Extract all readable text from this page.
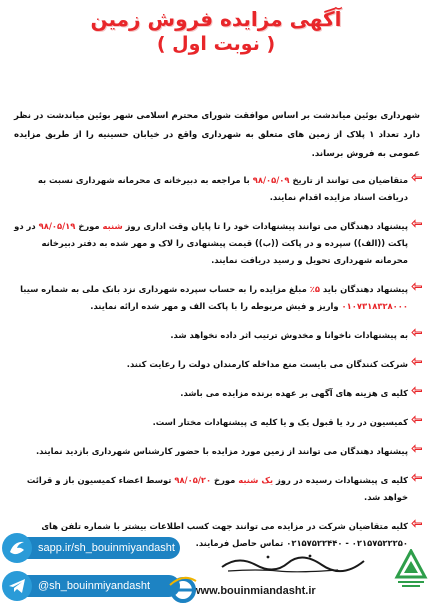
آگهی مزایده فروش زمین
( نوبت اول )

شهرداری بوئین میاندشت بر اساس موافقت شورای محترم اسلامی شهر بوئین میاندشت در نظر دارد تعداد ۱ پلاک از زمین های متعلق به شهرداری واقع در خیابان حسینیه را از طریق مزایده عمومی به فروش برساند.

متقاضیان می توانند از تاریخ ۹۸/۰۵/۰۹ با مراجعه به دبیرخانه ی محرمانه شهرداری نسبت به دریافت اسناد مزایده اقدام نمایند.
پیشنهاد دهندگان می توانند پیشنهادات خود را تا پایان وقت اداری روز شنبه مورخ ۹۸/۰۵/۱۹ در دو پاکت ((الف)) سپرده و در پاکت ((ب)) قیمت پیشنهادی را لاک و مهر شده به دفتر دبیرخانه محرمانه شهرداری تحویل و رسید دریافت نمایند.
پیشنهاد دهندگان باید ۵٪ مبلغ مزایده را به حساب سپرده شهرداری نزد بانک ملی به شماره سیبا ۰۱۰۷۳۱۸۳۲۸۰۰۰ واریز و فیش مربوطه را با پاکت الف و مهر شده ارائه نمایند.
به پیشنهادات ناخوانا و مخدوش ترتیب اثر داده نخواهد شد.
شرکت کنندگان می بایست منع مداخله کارمندان دولت را رعایت کنند.
کلیه ی هزینه های آگهی بر عهده برنده مزایده می باشد.
کمیسیون در رد یا قبول یک و یا کلیه ی پیشنهادات مختار است.
پیشنهاد دهندگان می توانند از زمین مورد مزایده با حضور کارشناس شهرداری بازدید نمایند.
کلیه ی پیشنهادات رسیده در روز یک شنبه مورخ ۹۸/۰۵/۲۰ توسط اعضاء کمیسیون باز و قرائت خواهد شد.
کلیه متقاضیان شرکت در مزایده می توانند جهت کسب اطلاعات بیشتر با شماره تلفن های ۰۲۱۵۷۵۲۲۲۵۰ - ۰۲۱۵۷۵۲۲۴۴۰ تماس حاصل فرمایند.
sapp.ir/sh_bouinmiyandasht
@sh_bouinmiyandasht	www.bouinmiandasht.ir
